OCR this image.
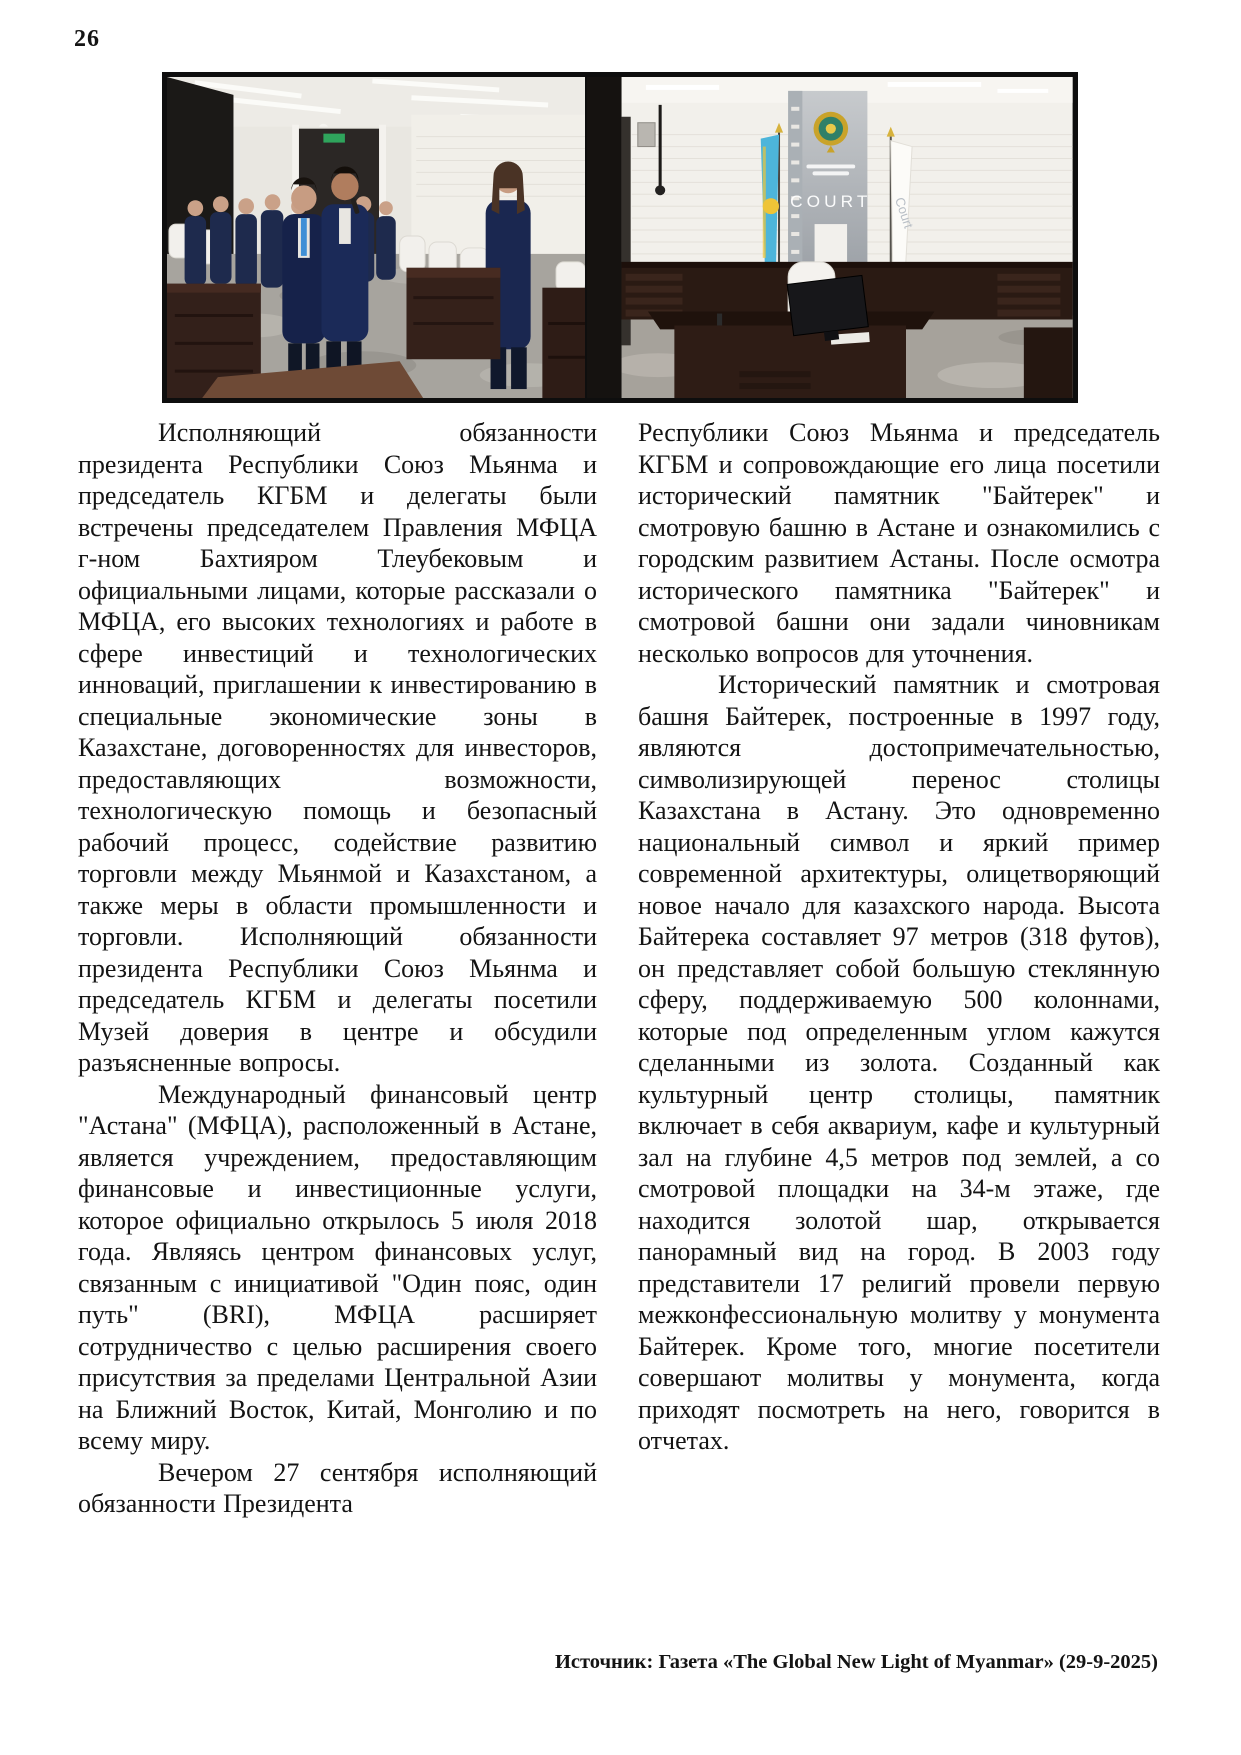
26
COURT Court

Исполняющий обязанности президента Республики Союз Мьянма и председатель КГБМ и делегаты были встречены председателем Правления МФЦА г-ном Бахтияром Тлеубековым и официальными лицами, которые рассказали о МФЦА, его высоких технологиях и работе в сфере инвестиций и технологических инноваций, приглашении к инвестированию в специальные экономические зоны в Казахстане, договоренностях для инвесторов, предоставляющих возможности, технологическую помощь и безопасный рабочий процесс, содействие развитию торговли между Мьянмой и Казахстаном, а также меры в области промышленности и торговли. Исполняющий обязанности президента Республики Союз Мьянма и председатель КГБМ и делегаты посетили Музей доверия в центре и обсудили разъясненные вопросы.

Международный финансовый центр "Астана" (МФЦА), расположенный в Астане, является учреждением, предоставляющим финансовые и инвестиционные услуги, которое официально открылось 5 июля 2018 года. Являясь центром финансовых услуг, связанным с инициативой "Один пояс, один путь" (BRI), МФЦА расширяет сотрудничество с целью расширения своего присутствия за пределами Центральной Азии на Ближний Восток, Китай, Монголию и по всему миру.

Вечером 27 сентября исполняющий обязанности Президента

Республики Союз Мьянма и председатель КГБМ и сопровождающие его лица посетили исторический памятник "Байтерек" и смотровую башню в Астане и ознакомились с городским развитием Астаны. После осмотра исторического памятника "Байтерек" и смотровой башни они задали чиновникам несколько вопросов для уточнения.

Исторический памятник и смотровая башня Байтерек, построенные в 1997 году, являются достопримечательностью, символизирующей перенос столицы Казахстана в Астану. Это одновременно национальный символ и яркий пример современной архитектуры, олицетворяющий новое начало для казахского народа. Высота Байтерека составляет 97 метров (318 футов), он представляет собой большую стеклянную сферу, поддерживаемую 500 колоннами, которые под определенным углом кажутся сделанными из золота. Созданный как культурный центр столицы, памятник включает в себя аквариум, кафе и культурный зал на глубине 4,5 метров под землей, а со смотровой площадки на 34-м этаже, где находится золотой шар, открывается панорамный вид на город. В 2003 году представители 17 религий провели первую межконфессиональную молитву у монумента Байтерек. Кроме того, многие посетители совершают молитвы у монумента, когда приходят посмотреть на него, говорится в отчетах.

Источник: Газета «The Global New Light of Myanmar» (29-9-2025)
